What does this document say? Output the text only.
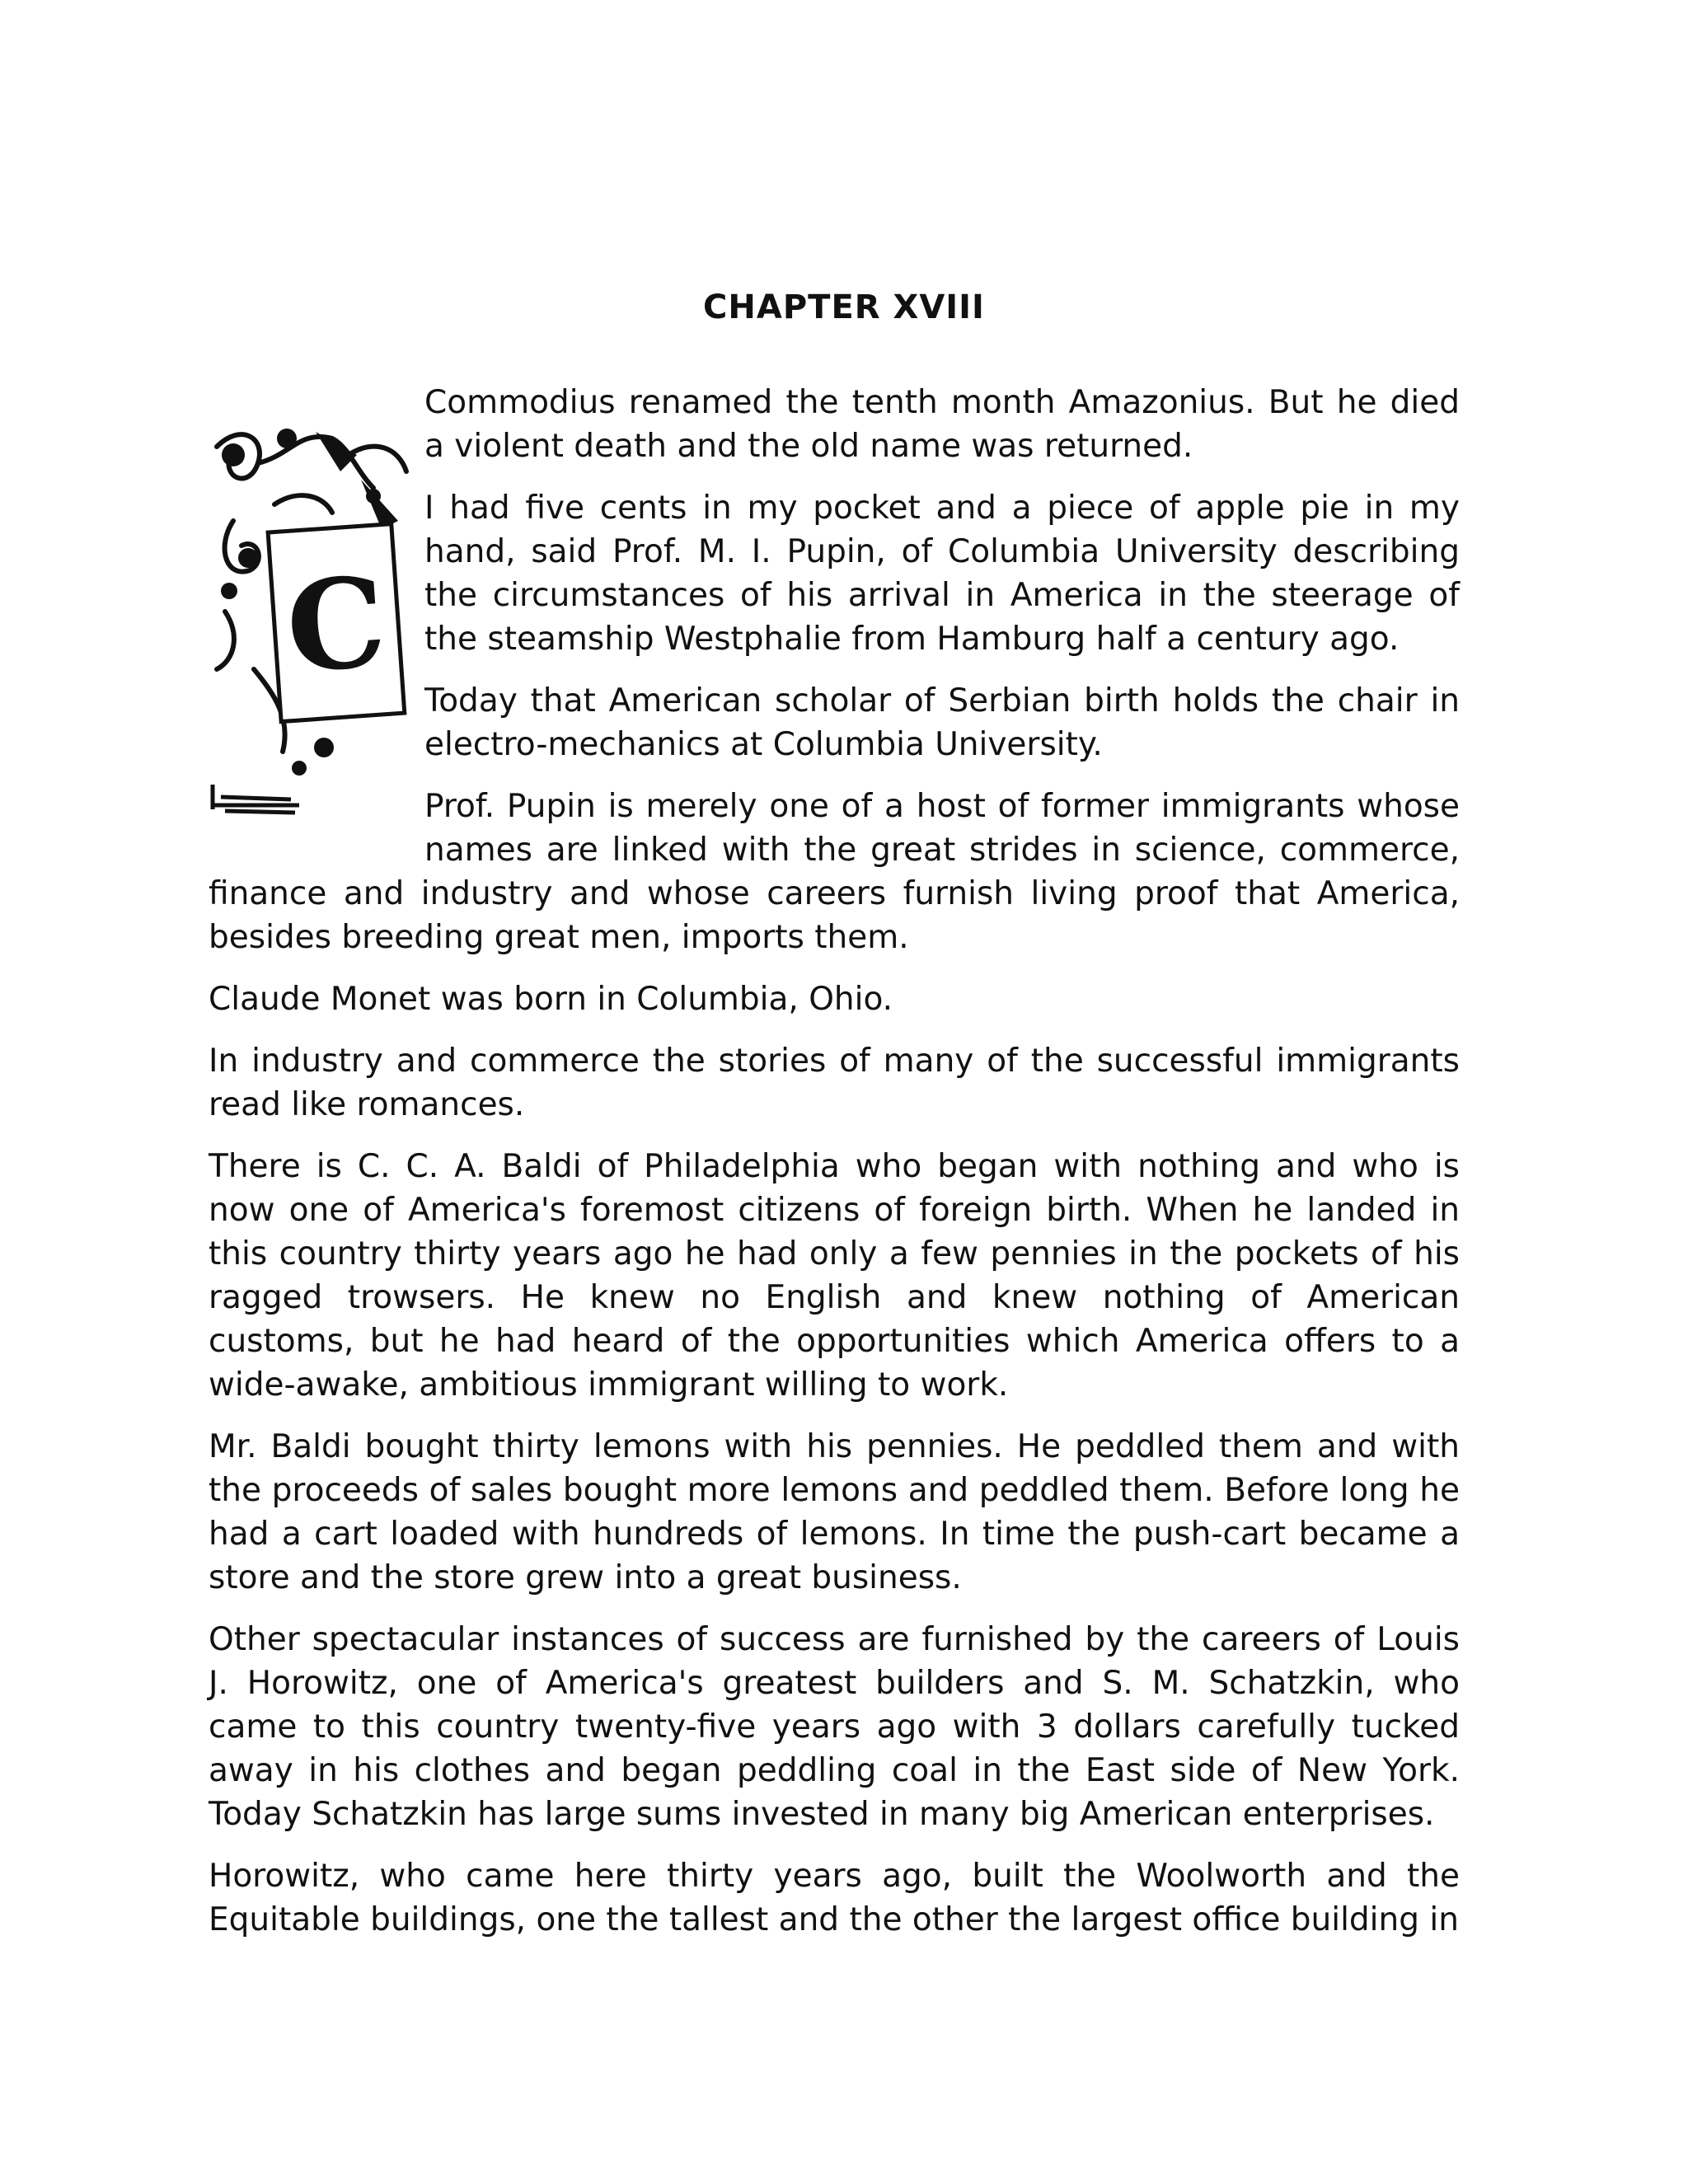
CHAPTER XVIII
C

Commodius renamed the tenth month Amazonius. But he died a violent death and the old name was returned.

I had five cents in my pocket and a piece of apple pie in my hand, said Prof. M. I. Pupin, of Columbia University describing the circumstances of his arrival in America in the steerage of the steamship Westphalie from Hamburg half a century ago.

Today that American scholar of Serbian birth holds the chair in electro-mechanics at Columbia University.

Prof. Pupin is merely one of a host of former immigrants whose names are linked with the great strides in science, commerce, finance and industry and whose careers furnish living proof that America, besides breeding great men, imports them.

Claude Monet was born in Columbia, Ohio.

In industry and commerce the stories of many of the successful immigrants read like romances.

There is C. C. A. Baldi of Philadelphia who began with nothing and who is now one of America's foremost citizens of foreign birth. When he landed in this country thirty years ago he had only a few pennies in the pockets of his ragged trowsers. He knew no English and knew nothing of American customs, but he had heard of the opportunities which America offers to a wide-awake, ambitious immigrant willing to work.

Mr. Baldi bought thirty lemons with his pennies. He peddled them and with the proceeds of sales bought more lemons and peddled them. Before long he had a cart loaded with hundreds of lemons. In time the push-cart became a store and the store grew into a great business.

Other spectacular instances of success are furnished by the careers of Louis J. Horowitz, one of America's greatest builders and S. M. Schatzkin, who came to this country twenty-five years ago with 3 dollars carefully tucked away in his clothes and began peddling coal in the East side of New York. Today Schatzkin has large sums invested in many big American enterprises.

Horowitz, who came here thirty years ago, built the Woolworth and the Equitable buildings, one the tallest and the other the largest office building in
